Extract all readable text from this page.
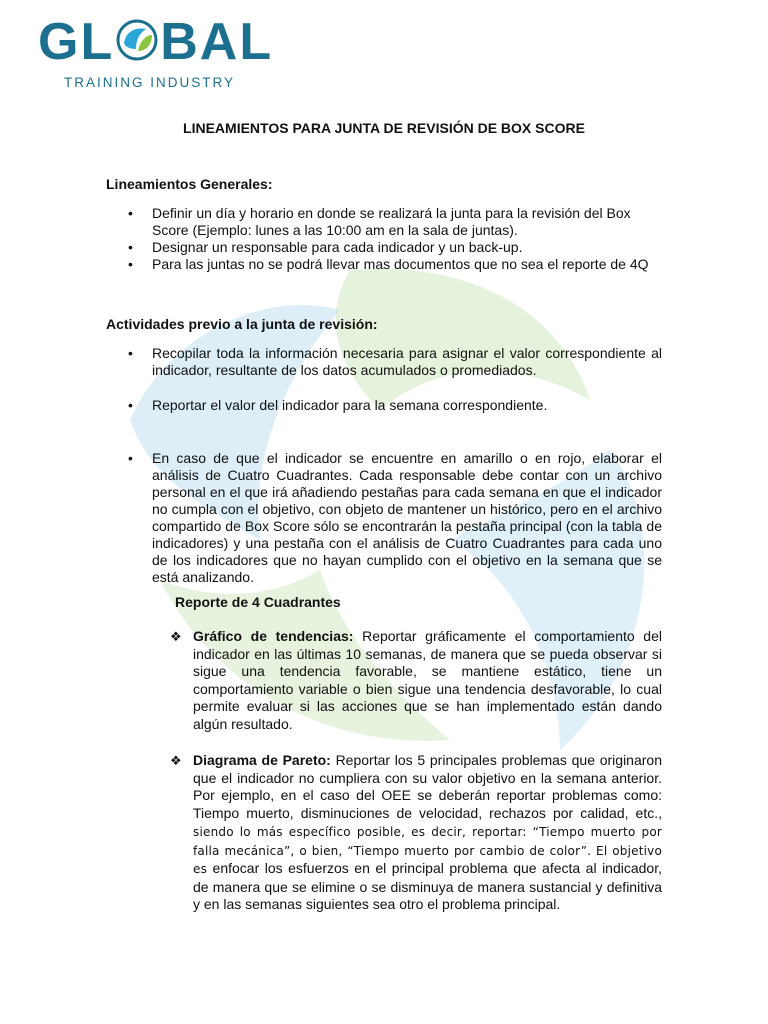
GL BAL
TRAINING INDUSTRY
LINEAMIENTOS PARA JUNTA DE REVISIÓN DE BOX SCORE
Lineamientos Generales:
• Definir un día y horario en donde se realizará la junta para la revisión del Box Score (Ejemplo: lunes a las 10:00 am en la sala de juntas).
• Designar un responsable para cada indicador y un back-up.
• Para las juntas no se podrá llevar mas documentos que no sea el reporte de 4Q
Actividades previo a la junta de revisión:
• Recopilar toda la información necesaria para asignar el valor correspondiente al indicador, resultante de los datos acumulados o promediados.
• Reportar el valor del indicador para la semana correspondiente.
• En caso de que el indicador se encuentre en amarillo o en rojo, elaborar el análisis de Cuatro Cuadrantes. Cada responsable debe contar con un archivo personal en el que irá añadiendo pestañas para cada semana en que el indicador no cumpla con el objetivo, con objeto de mantener un histórico, pero en el archivo compartido de Box Score sólo se encontrarán la pestaña principal (con la tabla de indicadores) y una pestaña con el análisis de Cuatro Cuadrantes para cada uno de los indicadores que no hayan cumplido con el objetivo en la semana que se está analizando.
Reporte de 4 Cuadrantes
❖ Gráfico de tendencias: Reportar gráficamente el comportamiento del indicador en las últimas 10 semanas, de manera que se pueda observar si sigue una tendencia favorable, se mantiene estático, tiene un comportamiento variable o bien sigue una tendencia desfavorable, lo cual permite evaluar si las acciones que se han implementado están dando algún resultado.
❖ Diagrama de Pareto: Reportar los 5 principales problemas que originaron que el indicador no cumpliera con su valor objetivo en la semana anterior. Por ejemplo, en el caso del OEE se deberán reportar problemas como: Tiempo muerto, disminuciones de velocidad, rechazos por calidad, etc., siendo lo más específico posible, es decir, reportar: “Tiempo muerto por falla mecánica”, o bien, “Tiempo muerto por cambio de color”. El objetivo es enfocar los esfuerzos en el principal problema que afecta al indicador, de manera que se elimine o se disminuya de manera sustancial y definitiva y en las semanas siguientes sea otro el problema principal.
